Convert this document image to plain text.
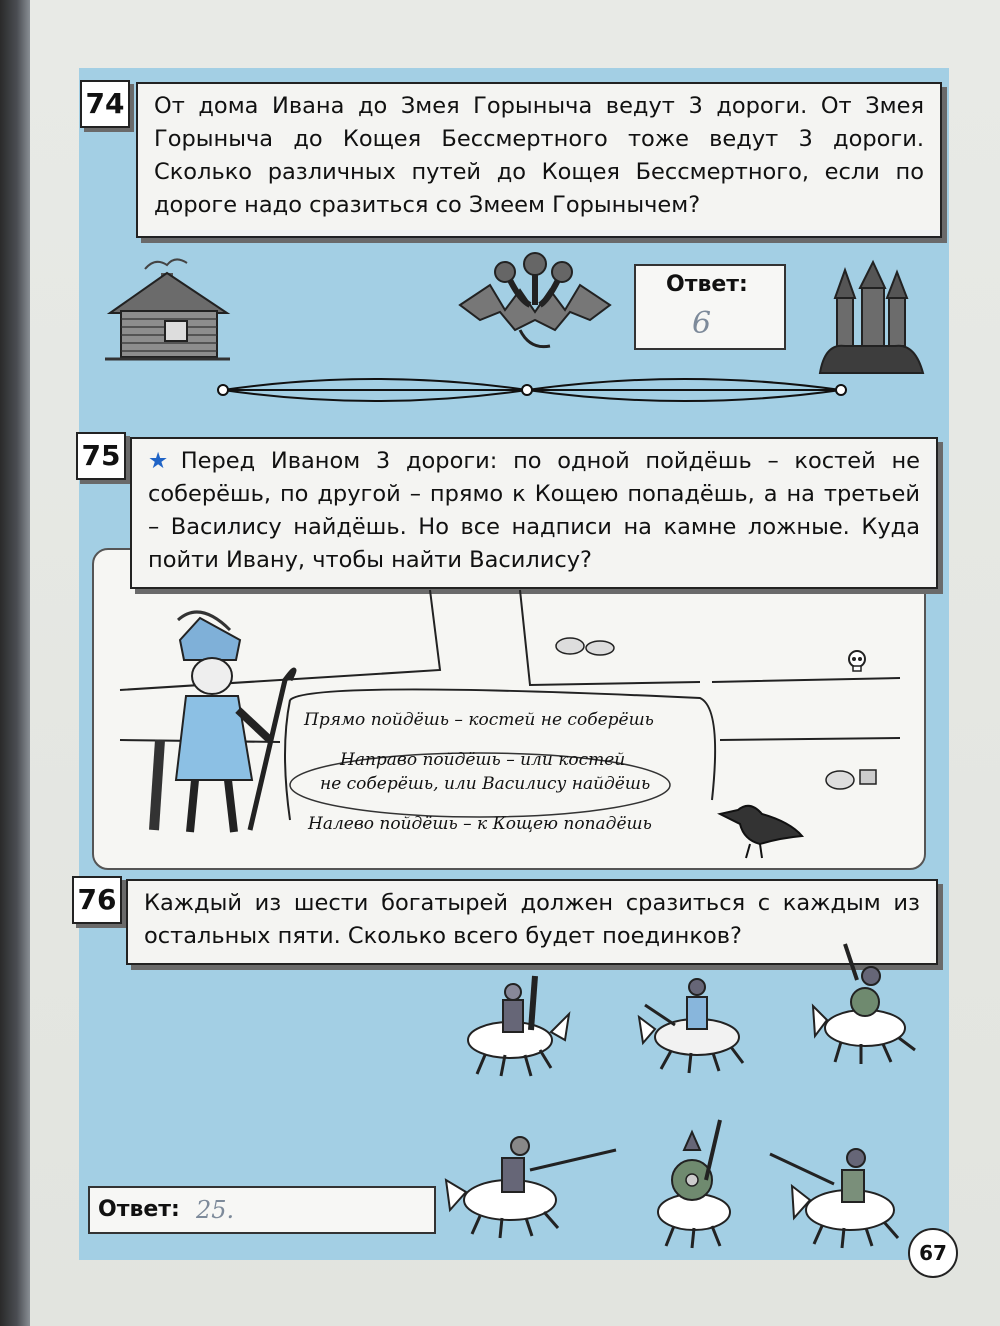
74	От дома Ивана до Змея Горыныча ведут 3 дороги. От Змея Горыныча до Кощея Бессмертного тоже ведут 3 дороги. Сколько различных путей до Кощея Бессмертного, если по дороге надо сразиться со Змеем Горынычем?
Ответ:
6
75	★ Перед Иваном 3 дороги: по одной пойдёшь – костей не соберёшь, по другой – прямо к Кощею попадёшь, а на третьей – Василису найдёшь. Но все надписи на камне ложные. Куда пойти Ивану, чтобы найти Василису?
Прямо пойдёшь – костей не соберёшь
Направо пойдёшь – или костей
не соберёшь, или Василису найдёшь
Налево пойдёшь – к Кощею попадёшь
76	Каждый из шести богатырей должен сразиться с каждым из остальных пяти. Сколько всего будет поединков?
Ответ: 25.
67
